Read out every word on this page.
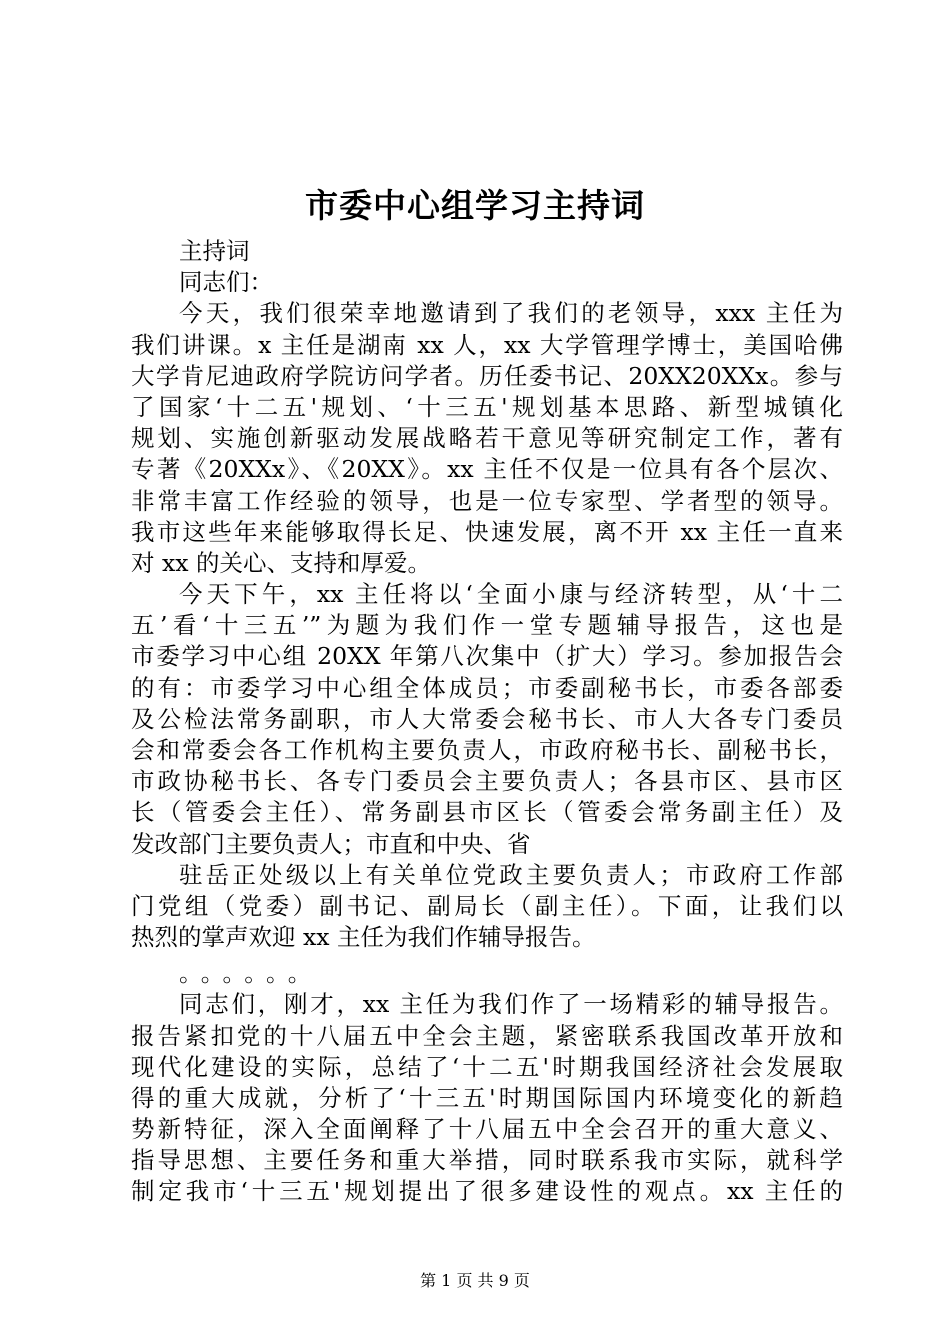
市委中心组学习主持词
主持词
同志们：
今天，我们很荣幸地邀请到了我们的老领导，xxx 主任为
我们讲课。x 主任是湖南 xx 人，xx 大学管理学博士，美国哈佛
大学肯尼迪政府学院访问学者。历任委书记、20XX20XXx。参与
了国家‘十二五'规划、‘十三五'规划基本思路、新型城镇化
规划、实施创新驱动发展战略若干意见等研究制定工作，著有
专著《20XXx》、《20XX》。xx 主任不仅是一位具有各个层次、
非常丰富工作经验的领导，也是一位专家型、学者型的领导。
我市这些年来能够取得长足、快速发展，离不开 xx 主任一直来
对 xx 的关心、支持和厚爱。
今天下午，xx 主任将以‘全面小康与经济转型，从‘十二
五’看‘十三五’”为题为我们作一堂专题辅导报告，这也是
市委学习中心组 20XX 年第八次集中（扩大）学习。参加报告会
的有：市委学习中心组全体成员；市委副秘书长，市委各部委
及公检法常务副职，市人大常委会秘书长、市人大各专门委员
会和常委会各工作机构主要负责人，市政府秘书长、副秘书长，
市政协秘书长、各专门委员会主要负责人；各县市区、县市区
长（管委会主任）、常务副县市区长（管委会常务副主任）及
发改部门主要负责人；市直和中央、省
驻岳正处级以上有关单位党政主要负责人；市政府工作部
门党组（党委）副书记、副局长（副主任）。下面，让我们以
热烈的掌声欢迎 xx 主任为我们作辅导报告。
。。。。。。
同志们，刚才，xx 主任为我们作了一场精彩的辅导报告。
报告紧扣党的十八届五中全会主题，紧密联系我国改革开放和
现代化建设的实际，总结了‘十二五'时期我国经济社会发展取
得的重大成就，分析了‘十三五'时期国际国内环境变化的新趋
势新特征，深入全面阐释了十八届五中全会召开的重大意义、
指导思想、主要任务和重大举措，同时联系我市实际，就科学
制定我市‘十三五'规划提出了很多建设性的观点。xx 主任的
第 1 页 共 9 页
